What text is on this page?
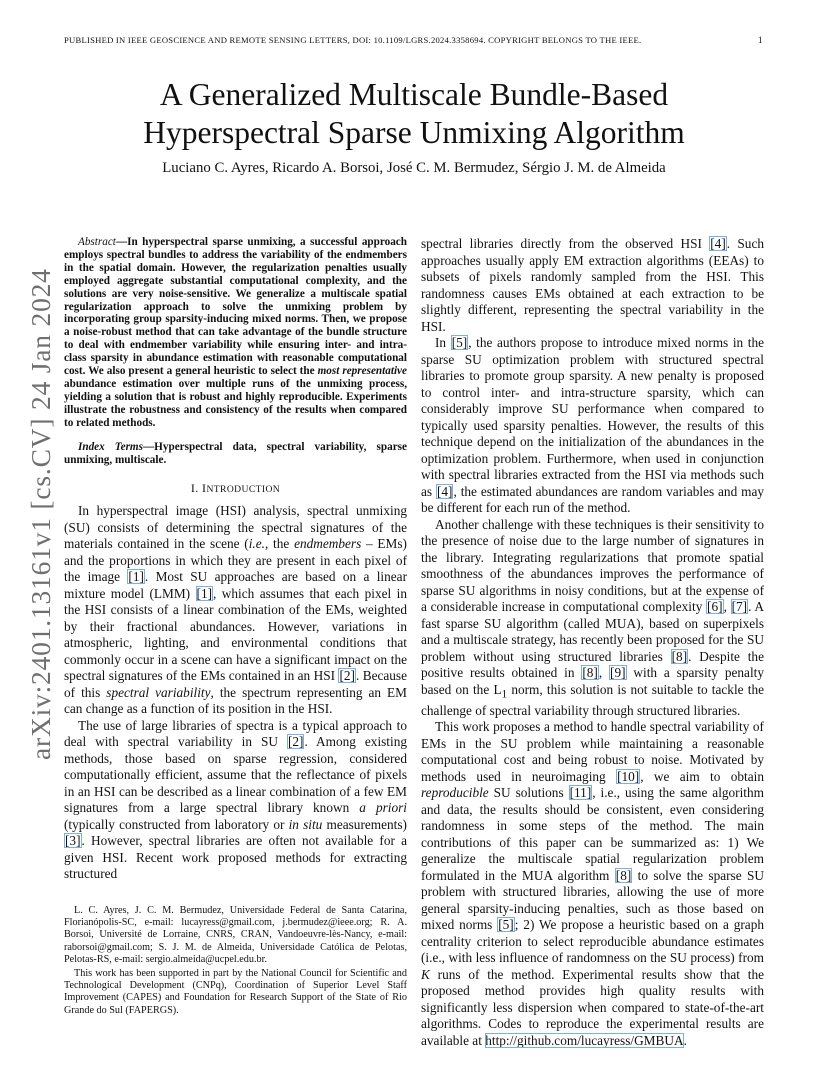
PUBLISHED IN IEEE GEOSCIENCE AND REMOTE SENSING LETTERS, DOI: 10.1109/LGRS.2024.3358694. COPYRIGHT BELONGS TO THE IEEE.	1
arXiv:2401.13161v1 [cs.CV] 24 Jan 2024
A Generalized Multiscale Bundle-Based
Hyperspectral Sparse Unmixing Algorithm

Luciano C. Ayres, Ricardo A. Borsoi, José C. M. Bermudez, Sérgio J. M. de Almeida

Abstract—In hyperspectral sparse unmixing, a successful approach employs spectral bundles to address the variability of the endmembers in the spatial domain. However, the regularization penalties usually employed aggregate substantial computational complexity, and the solutions are very noise-sensitive. We generalize a multiscale spatial regularization approach to solve the unmixing problem by incorporating group sparsity-inducing mixed norms. Then, we propose a noise-robust method that can take advantage of the bundle structure to deal with endmember variability while ensuring inter- and intra-class sparsity in abundance estimation with reasonable computational cost. We also present a general heuristic to select the most representative abundance estimation over multiple runs of the unmixing process, yielding a solution that is robust and highly reproducible. Experiments illustrate the robustness and consistency of the results when compared to related methods.

Index Terms—Hyperspectral data, spectral variability, sparse unmixing, multiscale.

I. INTRODUCTION

In hyperspectral image (HSI) analysis, spectral unmixing (SU) consists of determining the spectral signatures of the materials contained in the scene (i.e., the endmembers – EMs) and the proportions in which they are present in each pixel of the image [1]. Most SU approaches are based on a linear mixture model (LMM) [1], which assumes that each pixel in the HSI consists of a linear combination of the EMs, weighted by their fractional abundances. However, variations in atmospheric, lighting, and environmental conditions that commonly occur in a scene can have a significant impact on the spectral signatures of the EMs contained in an HSI [2]. Because of this spectral variability, the spectrum representing an EM can change as a function of its position in the HSI.

The use of large libraries of spectra is a typical approach to deal with spectral variability in SU [2]. Among existing methods, those based on sparse regression, considered computationally efficient, assume that the reflectance of pixels in an HSI can be described as a linear combination of a few EM signatures from a large spectral library known a priori (typically constructed from laboratory or in situ measurements) [3]. However, spectral libraries are often not available for a given HSI. Recent work proposed methods for extracting structured

L. C. Ayres, J. C. M. Bermudez, Universidade Federal de Santa Catarina, Florianópolis-SC, e-mail: lucayress@gmail.com, j.bermudez@ieee.org; R. A. Borsoi, Université de Lorraine, CNRS, CRAN, Vandoeuvre-lès-Nancy, e-mail: raborsoi@gmail.com; S. J. M. de Almeida, Universidade Católica de Pelotas, Pelotas-RS, e-mail: sergio.almeida@ucpel.edu.br.

This work has been supported in part by the National Council for Scientific and Technological Development (CNPq), Coordination of Superior Level Staff Improvement (CAPES) and Foundation for Research Support of the State of Rio Grande do Sul (FAPERGS).

spectral libraries directly from the observed HSI [4]. Such approaches usually apply EM extraction algorithms (EEAs) to subsets of pixels randomly sampled from the HSI. This randomness causes EMs obtained at each extraction to be slightly different, representing the spectral variability in the HSI.

In [5], the authors propose to introduce mixed norms in the sparse SU optimization problem with structured spectral libraries to promote group sparsity. A new penalty is proposed to control inter- and intra-structure sparsity, which can considerably improve SU performance when compared to typically used sparsity penalties. However, the results of this technique depend on the initialization of the abundances in the optimization problem. Furthermore, when used in conjunction with spectral libraries extracted from the HSI via methods such as [4], the estimated abundances are random variables and may be different for each run of the method.

Another challenge with these techniques is their sensitivity to the presence of noise due to the large number of signatures in the library. Integrating regularizations that promote spatial smoothness of the abundances improves the performance of sparse SU algorithms in noisy conditions, but at the expense of a considerable increase in computational complexity [6], [7]. A fast sparse SU algorithm (called MUA), based on superpixels and a multiscale strategy, has recently been proposed for the SU problem without using structured libraries [8]. Despite the positive results obtained in [8], [9] with a sparsity penalty based on the $L_1$ norm, this solution is not suitable to tackle the challenge of spectral variability through structured libraries.

This work proposes a method to handle spectral variability of EMs in the SU problem while maintaining a reasonable computational cost and being robust to noise. Motivated by methods used in neuroimaging [10], we aim to obtain reproducible SU solutions [11], i.e., using the same algorithm and data, the results should be consistent, even considering randomness in some steps of the method. The main contributions of this paper can be summarized as: 1) We generalize the multiscale spatial regularization problem formulated in the MUA algorithm [8] to solve the sparse SU problem with structured libraries, allowing the use of more general sparsity-inducing penalties, such as those based on mixed norms [5]; 2) We propose a heuristic based on a graph centrality criterion to select reproducible abundance estimates (i.e., with less influence of randomness on the SU process) from K runs of the method. Experimental results show that the proposed method provides high quality results with significantly less dispersion when compared to state-of-the-art algorithms. Codes to reproduce the experimental results are available at http://github.com/lucayress/GMBUA.
